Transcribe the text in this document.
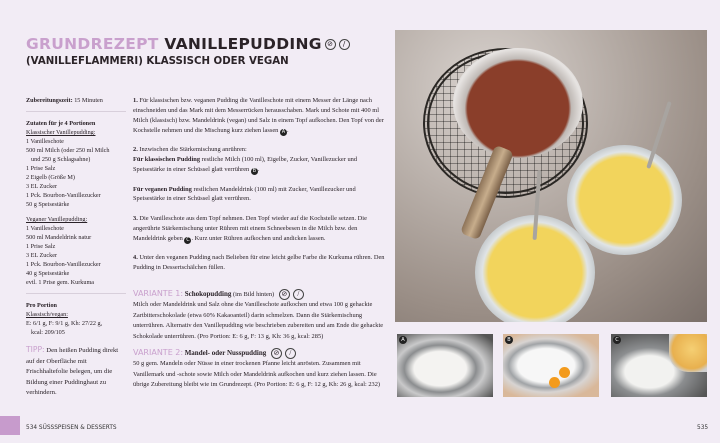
GRUNDREZEPT VANILLEPUDDING ⊘ /
(VANILLEFLAMMERI) KLASSISCH ODER VEGAN
Zubereitungszeit: 15 Minuten
Zutaten für je 4 Portionen
Klassischer Vanillepudding:
1 Vanilleschote
500 ml Milch (oder 250 ml Milch
und 250 g Schlagsahne)
1 Prise Salz
2 Eigelb (Größe M)
3 EL Zucker
1 Pck. Bourbon-Vanillezucker
50 g Speisestärke
Veganer Vanillepudding:
1 Vanilleschote
500 ml Mandeldrink natur
1 Prise Salz
3 EL Zucker
1 Pck. Bourbon-Vanillezucker
40 g Speisestärke
evtl. 1 Prise gem. Kurkuma
Pro Portion
Klassisch/vegan:
E: 6/1 g, F: 9/1 g, Kh: 27/22 g,
kcal: 209/105
TIPP: Den heißen Pudding direkt auf der Oberfläche mit Frischhaltefolie belegen, um die Bildung einer Puddinghaut zu verhindern.

1. Für klassischen bzw. veganen Pudding die Vanilleschote mit einem Messer der Länge nach einschneiden und das Mark mit dem Messerrücken herausschaben. Mark und Schote mit 400 ml Milch (klassisch) bzw. Mandeldrink (vegan) und Salz in einem Topf aufkochen. Den Topf von der Kochstelle nehmen und die Mischung kurz ziehen lassen A .

2. Inzwischen die Stärkemischung anrühren:

Für klassischen Pudding restliche Milch (100 ml), Eigelbe, Zucker, Vanillezucker und Speisestärke in einer Schüssel glatt verrühren B .

Für veganen Pudding restlichen Mandeldrink (100 ml) mit Zucker, Vanillezucker und Speisestärke in einer Schüssel glatt verrühren.

3. Die Vanilleschote aus dem Topf nehmen. Den Topf wieder auf die Kochstelle setzen. Die angerührte Stärkemischung unter Rühren mit einem Schneebesen in die Milch bzw. den Mandeldrink geben C . Kurz unter Rühren aufkochen und andicken lassen.

4. Unter den veganen Pudding nach Belieben für eine leicht gelbe Farbe die Kurkuma rühren. Den Pudding in Dessertschälchen füllen.

VARIANTE 1: Schokopudding (im Bild hinten) ⊘ /
Milch oder Mandeldrink und Salz ohne die Vanilleschote aufkochen und etwa 100 g gehackte Zartbitterschokolade (etwa 60% Kakaoanteil) darin schmelzen. Dann die Stärkemischung unterrühren. Alternativ den Vanillepudding wie beschrieben zubereiten und am Ende die gehackte Schokolade unterrühren. (Pro Portion: E: 6 g, F: 13 g, Kh: 36 g, kcal: 285)

VARIANTE 2: Mandel- oder Nusspudding ⊘ /
50 g gem. Mandeln oder Nüsse in einer trockenen Pfanne leicht anrösten. Zusammen mit Vanillemark und -schote sowie Milch oder Mandeldrink aufkochen und kurz ziehen lassen. Die übrige Zubereitung bleibt wie im Grundrezept. (Pro Portion: E: 6 g, F: 12 g, Kh: 26 g, kcal: 232)

A	B	C
534 SÜSSSPEISEN & DESSERTS	535
